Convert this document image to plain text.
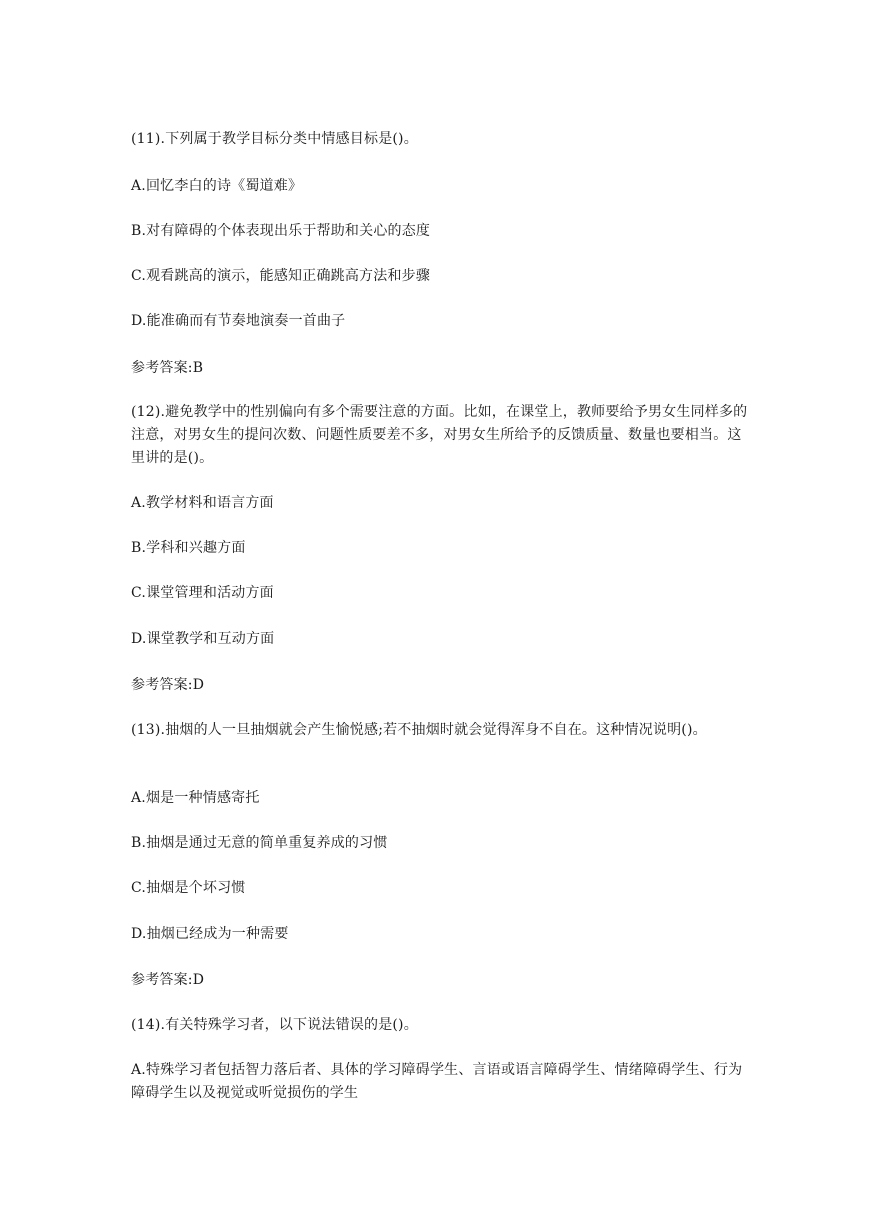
(11).下列属于教学目标分类中情感目标是()。
A.回忆李白的诗《蜀道难》
B.对有障碍的个体表现出乐于帮助和关心的态度
C.观看跳高的演示，能感知正确跳高方法和步骤
D.能准确而有节奏地演奏一首曲子
参考答案:B
(12).避免教学中的性别偏向有多个需要注意的方面。比如，在课堂上，教师要给予男女生同样多的注意，对男女生的提问次数、问题性质要差不多，对男女生所给予的反馈质量、数量也要相当。这里讲的是()。
A.教学材料和语言方面
B.学科和兴趣方面
C.课堂管理和活动方面
D.课堂教学和互动方面
参考答案:D
(13).抽烟的人一旦抽烟就会产生愉悦感;若不抽烟时就会觉得浑身不自在。这种情况说明()。
A.烟是一种情感寄托
B.抽烟是通过无意的简单重复养成的习惯
C.抽烟是个坏习惯
D.抽烟已经成为一种需要
参考答案:D
(14).有关特殊学习者，以下说法错误的是()。
A.特殊学习者包括智力落后者、具体的学习障碍学生、言语或语言障碍学生、情绪障碍学生、行为障碍学生以及视觉或听觉损伤的学生
